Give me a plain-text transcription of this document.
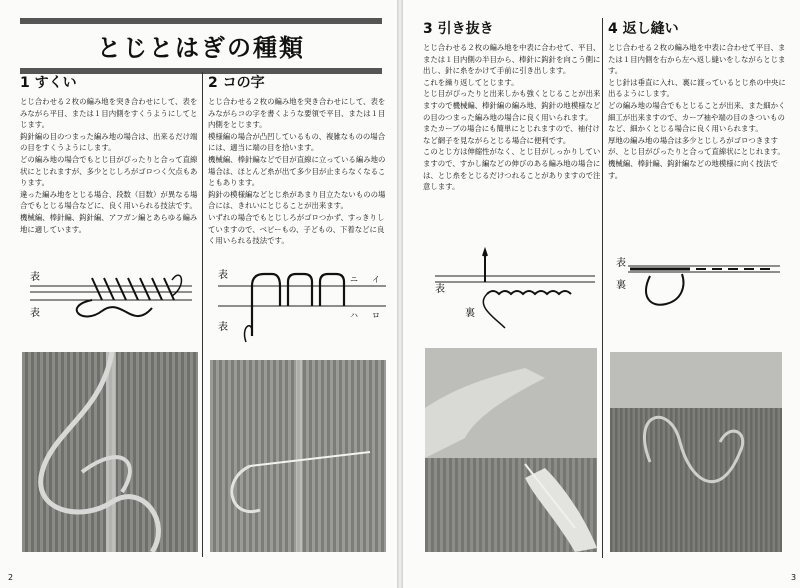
とじとはぎの種類
1 すくい

とじ合わせる２枚の編み地を突き合わせにして、表をみながら平目、または１目内側をすくうようにしてとじます。

鈎針編の目のつまった編み地の場合は、出来るだけ端の目をすくうようにします。

どの編み地の場合でもとじ目がぴったりと合って直線状にとじれますが、多少とじしろがゴロつく欠点もあります。

違った編み地をとじる場合、段数（目数）が異なる場合でもとじる場合などに、良く用いられる技法です。

機械編、棒針編、鈎針編、アフガン編とあらゆる編み地に適しています。

2 コの字

とじ合わせる２枚の編み地を突き合わせにして、表をみながらコの字を書くような要領で平目、または１目内側をとじます。

模様編の場合が凸凹しているもの、複雑なものの場合には、適当に端の目を拾います。

機械編、棒針編などで目が直線に立っている編み地の場合は、ほとんど糸が出て多少目が止まらなくなることもあります。

鈎針の模様編などとじ糸があまり目立たないものの場合には、きれいにとじることが出来ます。

いずれの場合でもとじしろがゴロつかず、すっきりしていますので、ベビーもの、子どもの、下着などに良く用いられる技法です。

表
表
表
表
ニ イ
ハ ロ
2
3 引き抜き

とじ合わせる２枚の編み地を中表に合わせて、平目、または１目内側の半目から、棒針に鈎針を向こう側に出し、針に糸をかけて手前に引き出します。

これを繰り返してとじます。

とじ目がぴったりと出来しかも強くとじることが出来ますので機械編、棒針編の編み地、鈎針の地模様などの目のつまった編み地の場合に良く用いられます。

またカーブの場合にも簡単にとじれますので、袖付けなど網子を見ながらとじる場合に便利です。

このとじ方は伸縮性がなく、とじ目がしっかりしていますので、すかし編などの伸びのある編み地の場合には、とじ糸をとじるだけつれることがありますので注意します。

4 返し縫い

とじ合わせる２枚の編み地を中表に合わせて平目、または１目内側を右から左へ返し縫いをしながらとじます。

とじ針は垂直に入れ、裏に渡っているとじ糸の中央に出るようにします。

どの編み地の場合でもとじることが出来、また細かく細工が出来ますので、カーブ袖や端の目のきついものなど、細かくとじる場合に良く用いられます。

厚地の編み地の場合は多少とじしろがゴロつきますが、とじ目がぴったりと合って直線状にとじれます。

機械編、棒針編、鈎針編などの地模様に向く技法です。

表
裏
表
裏
3
